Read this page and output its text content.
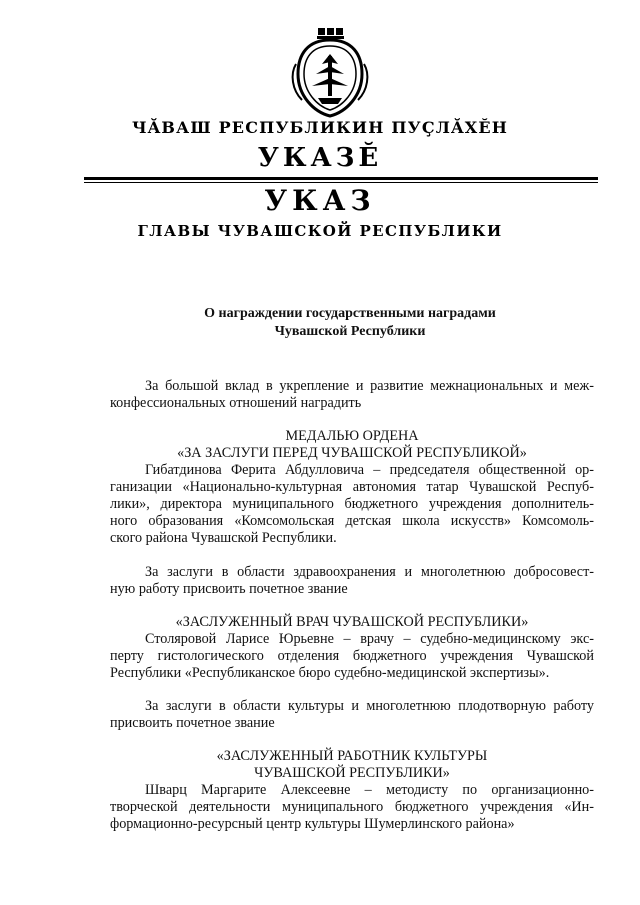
ЧĂВАШ РЕСПУБЛИКИН ПУÇЛĂХĔН
УКАЗĔ
УКАЗ
ГЛАВЫ ЧУВАШСКОЙ РЕСПУБЛИКИ
О награждении государственными наградами
Чувашской Республики
За большой вклад в укрепление и развитие межнациональных и меж-
конфессиональных отношений наградить
МЕДАЛЬЮ ОРДЕНА
«ЗА ЗАСЛУГИ ПЕРЕД ЧУВАШСКОЙ РЕСПУБЛИКОЙ»
Гибатдинова Ферита Абдулловича – председателя общественной ор-
ганизации «Национально-культурная автономия татар Чувашской Респуб-
лики», директора муниципального бюджетного учреждения дополнитель-
ного образования «Комсомольская детская школа искусств» Комсомоль-
ского района Чувашской Республики.
За заслуги в области здравоохранения и многолетнюю добросовест-
ную работу присвоить почетное звание
«ЗАСЛУЖЕННЫЙ ВРАЧ ЧУВАШСКОЙ РЕСПУБЛИКИ»
Столяровой Ларисе Юрьевне – врачу – судебно-медицинскому экс-
перту гистологического отделения бюджетного учреждения Чувашской
Республики «Республиканское бюро судебно-медицинской экспертизы».
За заслуги в области культуры и многолетнюю плодотворную работу
присвоить почетное звание
«ЗАСЛУЖЕННЫЙ РАБОТНИК КУЛЬТУРЫ
ЧУВАШСКОЙ РЕСПУБЛИКИ»
Шварц Маргарите Алексеевне – методисту по организационно-
творческой деятельности муниципального бюджетного учреждения «Ин-
формационно-ресурсный центр культуры Шумерлинского района»
